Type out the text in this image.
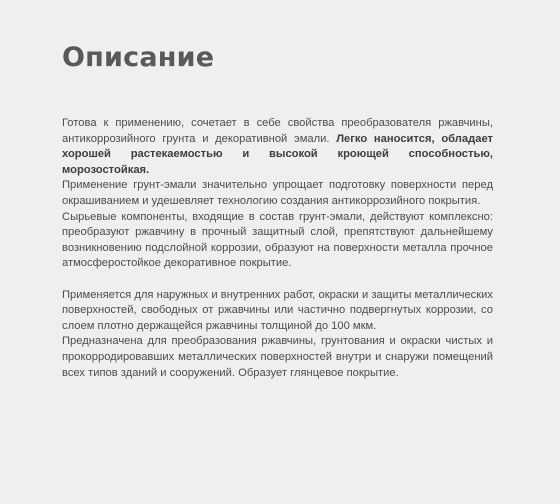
Описание

Готова к применению, сочетает в себе свойства преобразователя ржавчины, антикоррозийного грунта и декоративной эмали. Легко наносится, обладает хорошей растекаемостью и высокой кроющей способностью, морозостойкая.

Применение грунт-эмали значительно упрощает подготовку поверхности перед окрашиванием и удешевляет технологию создания антикоррозийного покрытия.

Сырьевые компоненты, входящие в состав грунт-эмали, действуют комплексно: преобразуют ржавчину в прочный защитный слой, препятствуют дальнейшему возникновению подслойной коррозии, образуют на поверхности металла прочное атмосферостойкое декоративное покрытие.

Применяется для наружных и внутренних работ, окраски и защиты металлических поверхностей, свободных от ржавчины или частично подвергнутых коррозии, со слоем плотно держащейся ржавчины толщиной до 100 мкм.

Предназначена для преобразования ржавчины, грунтования и окраски чистых и прокорродировавших металлических поверхностей внутри и снаружи помещений всех типов зданий и сооружений. Образует глянцевое покрытие.
